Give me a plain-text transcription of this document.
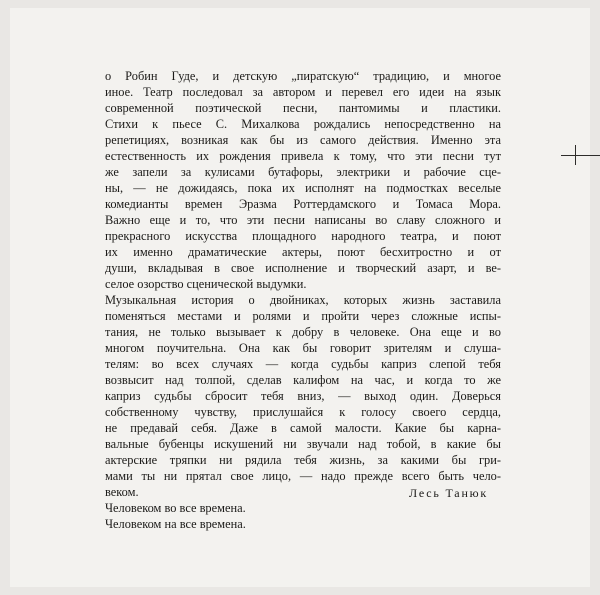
о Робин Гуде, и детскую „пиратскую“ традицию, и многое
иное. Театр последовал за автором и перевел его идеи на язык
современной поэтической песни, пантомимы и пластики.
Стихи к пьесе С. Михалкова рождались непосредственно на
репетициях, возникая как бы из самого действия. Именно эта
естественность их рождения привела к тому, что эти песни тут
же запели за кулисами бутафоры, электрики и рабочие сце-
ны, — не дожидаясь, пока их исполнят на подмостках веселые
комедианты времен Эразма Роттердамского и Томаса Мора.
Важно еще и то, что эти песни написаны во славу сложного и
прекрасного искусства площадного народного театра, и поют
их именно драматические актеры, поют бесхитростно и от
души, вкладывая в свое исполнение и творческий азарт, и ве-
селое озорство сценической выдумки.
Музыкальная история о двойниках, которых жизнь заставила
поменяться местами и ролями и пройти через сложные испы-
тания, не только вызывает к добру в человеке. Она еще и во
многом поучительна. Она как бы говорит зрителям и слуша-
телям: во всех случаях — когда судьбы каприз слепой тебя
возвысит над толпой, сделав калифом на час, и когда то же
каприз судьбы сбросит тебя вниз, — выход один. Доверься
собственному чувству, прислушайся к голосу своего сердца,
не предавай себя. Даже в самой малости. Какие бы карна-
вальные бубенцы искушений ни звучали над тобой, в какие бы
актерские тряпки ни рядила тебя жизнь, за какими бы гри-
мами ты ни прятал свое лицо, — надо прежде всего быть чело-
веком.
Человеком во все времена.
Человеком на все времена.
Лесь Танюк
